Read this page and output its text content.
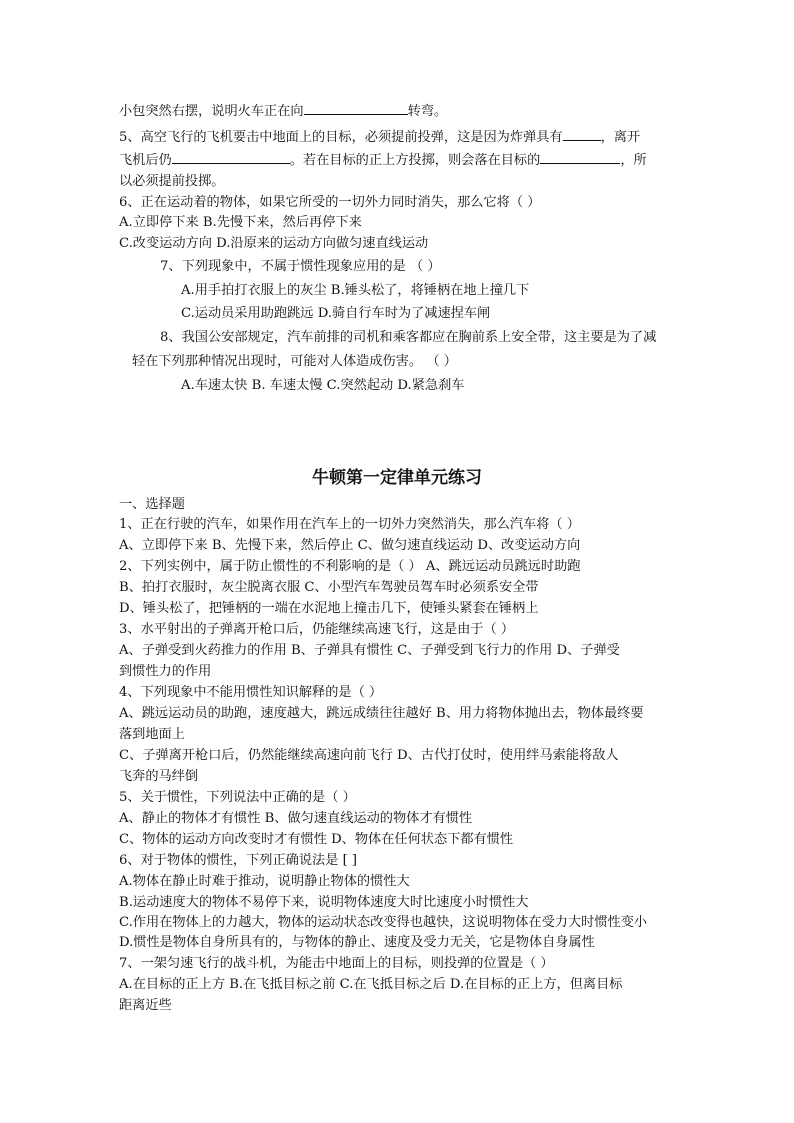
小包突然右摆，说明火车正在向	转弯。
5、高空飞行的飞机要击中地面上的目标，必须提前投弹，这是因为炸弹具有	，离开
飞机后仍	。若在目标的正上方投掷，则会落在目标的	，所
以必须提前投掷。
6、正在运动着的物体，如果它所受的一切外力同时消失，那么它将（ ）
A.立即停下来 B.先慢下来，然后再停下来
C.改变运动方向 D.沿原来的运动方向做匀速直线运动
7、下列现象中，不属于惯性现象应用的是 （ ）
A.用手拍打衣服上的灰尘 B.锤头松了，将锤柄在地上撞几下
C.运动员采用助跑跳远 D.骑自行车时为了减速捏车闸
8、我国公安部规定，汽车前排的司机和乘客都应在胸前系上安全带，这主要是为了减
轻在下列那种情况出现时，可能对人体造成伤害。 （ ）
A.车速太快 B. 车速太慢 C.突然起动 D.紧急刹车
牛顿第一定律单元练习
一、选择题
1、正在行驶的汽车，如果作用在汽车上的一切外力突然消失，那么汽车将（ ）
A、立即停下来 B、先慢下来，然后停止 C、做匀速直线运动 D、改变运动方向
2、下列实例中，属于防止惯性的不利影响的是（ ） A、跳远运动员跳远时助跑
B、拍打衣服时，灰尘脱离衣服 C、小型汽车驾驶员驾车时必须系安全带
D、锤头松了，把锤柄的一端在水泥地上撞击几下，使锤头紧套在锤柄上
3、水平射出的子弹离开枪口后，仍能继续高速飞行，这是由于（ ）
A、子弹受到火药推力的作用 B、子弹具有惯性 C、子弹受到飞行力的作用 D、子弹受
到惯性力的作用
4、下列现象中不能用惯性知识解释的是（ ）
A、跳远运动员的助跑，速度越大，跳远成绩往往越好 B、用力将物体抛出去，物体最终要
落到地面上
C、子弹离开枪口后，仍然能继续高速向前飞行 D、古代打仗时，使用绊马索能将敌人
飞奔的马绊倒
5、关于惯性，下列说法中正确的是（ ）
A、静止的物体才有惯性 B、做匀速直线运动的物体才有惯性
C、物体的运动方向改变时才有惯性 D、物体在任何状态下都有惯性
6、对于物体的惯性，下列正确说法是 [ ]
A.物体在静止时难于推动，说明静止物体的惯性大
B.运动速度大的物体不易停下来，说明物体速度大时比速度小时惯性大
C.作用在物体上的力越大，物体的运动状态改变得也越快，这说明物体在受力大时惯性变小
D.惯性是物体自身所具有的，与物体的静止、速度及受力无关，它是物体自身属性
7、一架匀速飞行的战斗机，为能击中地面上的目标，则投弹的位置是（ ）
A.在目标的正上方 B.在飞抵目标之前 C.在飞抵目标之后 D.在目标的正上方，但离目标
距离近些
